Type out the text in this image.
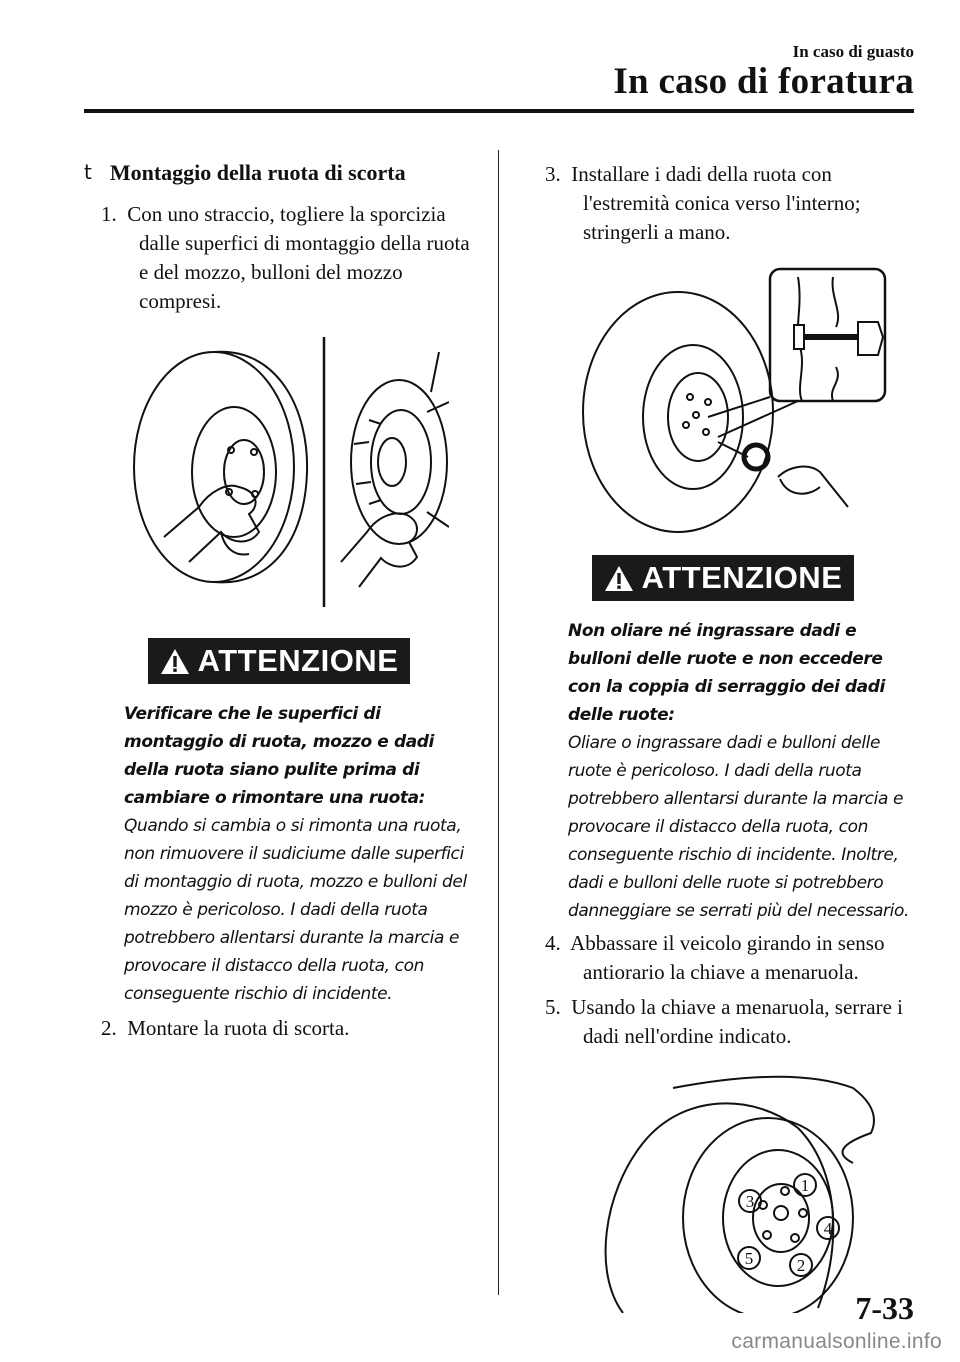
In caso di guasto
In caso di foratura
t Montaggio della ruota di scorta
1. Con uno straccio, togliere la sporcizia dalle superfici di montaggio della ruota e del mozzo, bulloni del mozzo compresi.
ATTENZIONE
Verificare che le superfici di montaggio di ruota, mozzo e dadi della ruota siano pulite prima di cambiare o rimontare una ruota:
Quando si cambia o si rimonta una ruota, non rimuovere il sudiciume dalle superfici di montaggio di ruota, mozzo e bulloni del mozzo è pericoloso. I dadi della ruota potrebbero allentarsi durante la marcia e provocare il distacco della ruota, con conseguente rischio di incidente.
2. Montare la ruota di scorta.
3. Installare i dadi della ruota con l'estremità conica verso l'interno; stringerli a mano.
ATTENZIONE
Non oliare né ingrassare dadi e bulloni delle ruote e non eccedere con la coppia di serraggio dei dadi delle ruote:
Oliare o ingrassare dadi e bulloni delle ruote è pericoloso. I dadi della ruota potrebbero allentarsi durante la marcia e provocare il distacco della ruota, con conseguente rischio di incidente. Inoltre, dadi e bulloni delle ruote si potrebbero danneggiare se serrati più del necessario.
4. Abbassare il veicolo girando in senso antiorario la chiave a menaruola.
5. Usando la chiave a menaruola, serrare i dadi nell'ordine indicato.
1
2
3
4
5
7-33
carmanualsonline.info
